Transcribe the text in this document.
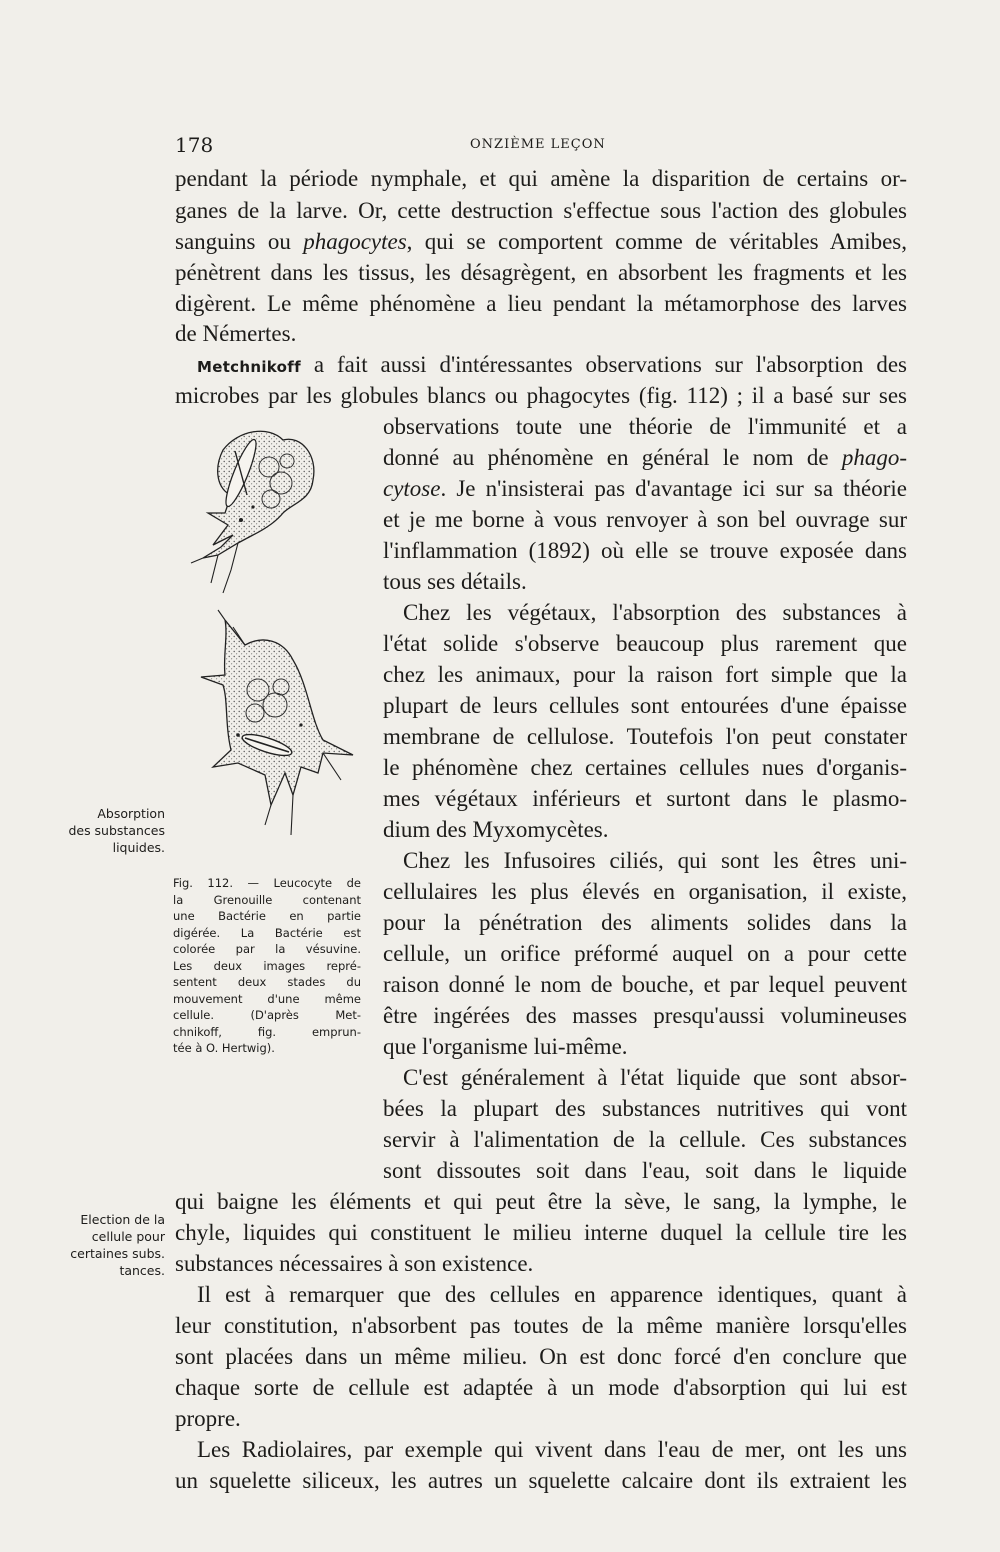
178	ONZIÈME LEÇON
pendant la période nymphale, et qui amène la disparition de certains or-
ganes de la larve. Or, cette destruction s'effectue sous l'action des globules
sanguins ou phagocytes, qui se comportent comme de véritables Amibes,
pénètrent dans les tissus, les désagrègent, en absorbent les fragments et les
digèrent. Le même phénomène a lieu pendant la métamorphose des larves
de Némertes.
Metchnikoff a fait aussi d'intéressantes observations sur l'absorption des
microbes par les globules blancs ou phagocytes (fig. 112) ; il a basé sur ses
observations toute une théorie de l'immunité et a
donné au phénomène en général le nom de phago-
cytose. Je n'insisterai pas d'avantage ici sur sa théorie
et je me borne à vous renvoyer à son bel ouvrage sur
l'inflammation (1892) où elle se trouve exposée dans
tous ses détails.
Chez les végétaux, l'absorption des substances à
l'état solide s'observe beaucoup plus rarement que
chez les animaux, pour la raison fort simple que la
plupart de leurs cellules sont entourées d'une épaisse
membrane de cellulose. Toutefois l'on peut constater
le phénomène chez certaines cellules nues d'organis-
mes végétaux inférieurs et surtont dans le plasmo-
dium des Myxomycètes.
Chez les Infusoires ciliés, qui sont les êtres uni-
cellulaires les plus élevés en organisation, il existe,
pour la pénétration des aliments solides dans la
cellule, un orifice préformé auquel on a pour cette
raison donné le nom de bouche, et par lequel peuvent
être ingérées des masses presqu'aussi volumineuses
que l'organisme lui-même.
C'est généralement à l'état liquide que sont absor-
bées la plupart des substances nutritives qui vont
servir à l'alimentation de la cellule. Ces substances
sont dissoutes soit dans l'eau, soit dans le liquide
qui baigne les éléments et qui peut être la sève, le sang, la lymphe, le
chyle, liquides qui constituent le milieu interne duquel la cellule tire les
substances nécessaires à son existence.
Il est à remarquer que des cellules en apparence identiques, quant à
leur constitution, n'absorbent pas toutes de la même manière lorsqu'elles
sont placées dans un même milieu. On est donc forcé d'en conclure que
chaque sorte de cellule est adaptée à un mode d'absorption qui lui est
propre.
Les Radiolaires, par exemple qui vivent dans l'eau de mer, ont les uns
un squelette siliceux, les autres un squelette calcaire dont ils extraient les
Absorption
des substances
liquides.
Election de la
cellule pour
certaines subs.
tances.
Fig. 112. — Leucocyte de
la Grenouille contenant
une Bactérie en partie
digérée. La Bactérie est
colorée par la vésuvine.
Les deux images repré-
sentent deux stades du
mouvement d'une même
cellule. (D'après Met-
chnikoff, fig. emprun-
tée à O. Hertwig).
